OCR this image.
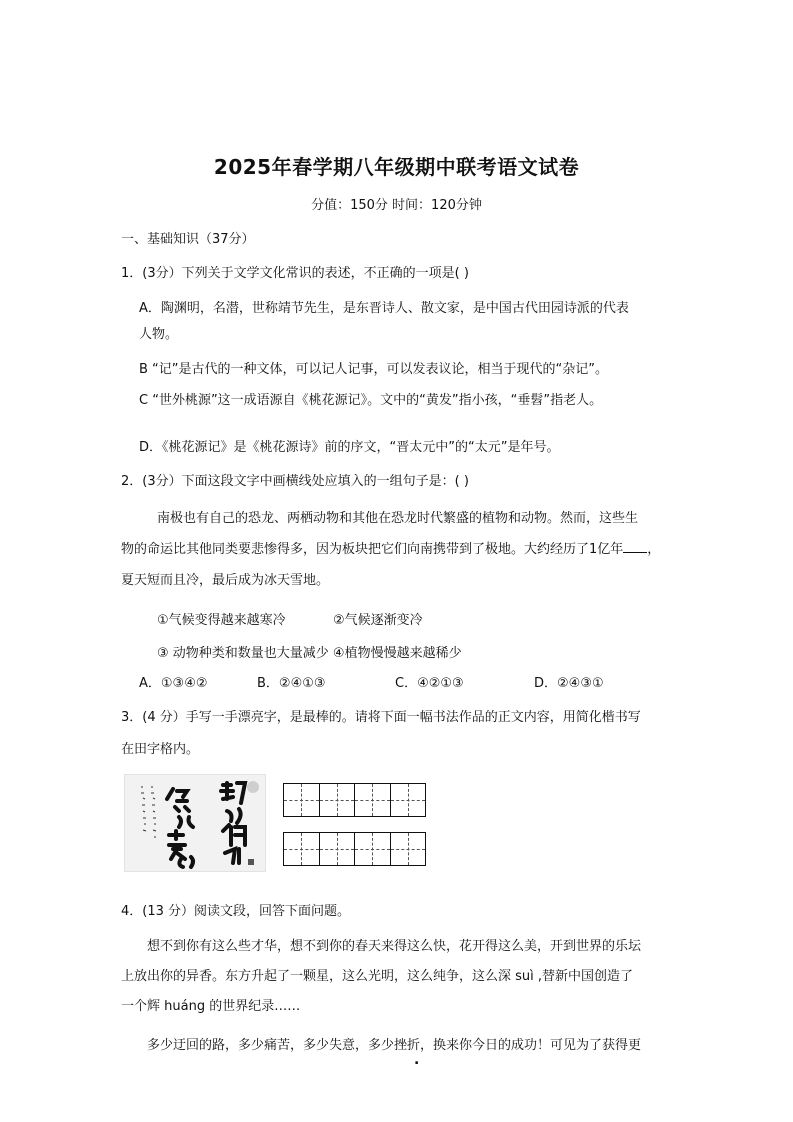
2025年春学期八年级期中联考语文试卷
分值：150分 时间：120分钟
一、基础知识（37分）
1．(3分）下列关于文学文化常识的表述，不正确的一项是( )
A．陶渊明，名潜，世称靖节先生，是东晋诗人、散文家，是中国古代田园诗派的代表
人物。
B “记”是古代的一种文体，可以记人记事，可以发表议论，相当于现代的“杂记”。
C “世外桃源”这一成语源自《桃花源记》。文中的“黄发”指小孩，“垂髫”指老人。
D．《桃花源记》是《桃花源诗》前的序文，“晋太元中”的“太元”是年号。
2．(3分）下面这段文字中画横线处应填入的一组句子是：( )
南极也有自己的恐龙、两栖动物和其他在恐龙时代繁盛的植物和动物。然而，这些生
物的命运比其他同类要悲惨得多，因为板块把它们向南携带到了极地。大约经历了1亿年 ，
夏天短而且冷，最后成为冰天雪地。
①气候变得越来越寒冷	②气候逐渐变冷
③ 动物种类和数量也大量减少 ④植物慢慢越来越稀少
A．①③④②	B．②④①③	C．④②①③	D．②④③①
3．(4 分）手写一手漂亮字，是最棒的。请将下面一幅书法作品的正文内容，用简化楷书写
在田字格内。
4．(13 分）阅读文段，回答下面问题。
想不到你有这么些才华，想不到你的春天来得这么快，花开得这么美，开到世界的乐坛
上放出你的异香。东方升起了一颗星，这么光明，这么纯争，这么深 suì ,替新中国创造了
一个辉 huáng 的世界纪录……
多少迂回的路，多少痛苦，多少失意，多少挫折，换来你今日的成功！可见为了获得更
.
